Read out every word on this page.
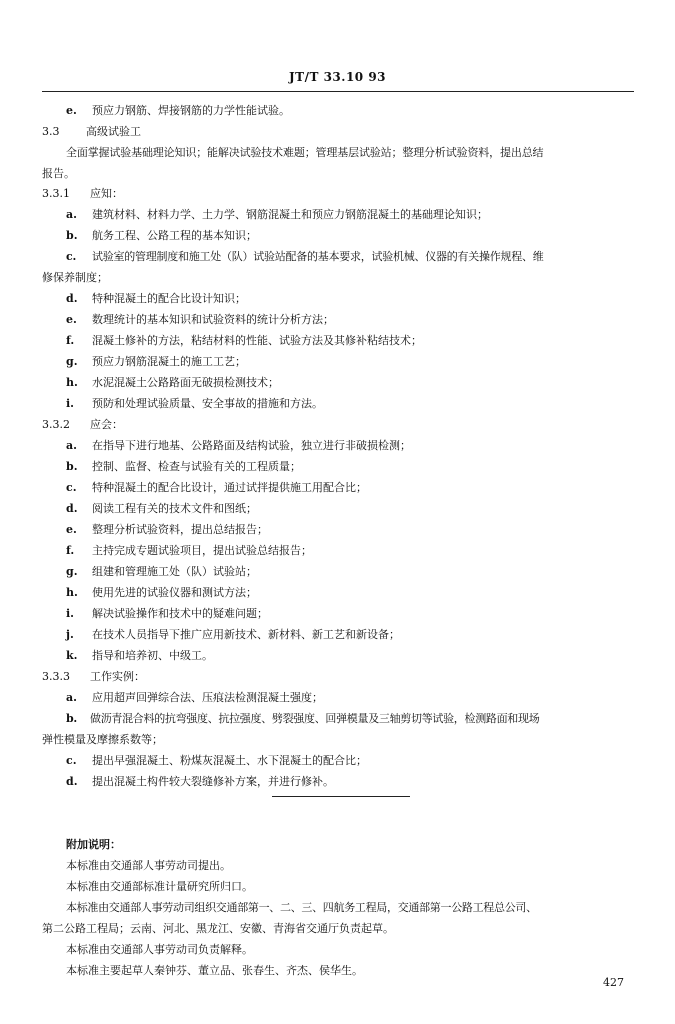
JT/T 33.10 93
e. 预应力钢筋、焊接钢筋的力学性能试验。
3.3 高级试验工
全面掌握试验基础理论知识；能解决试验技术难题；管理基层试验站；整理分析试验资料，提出总结
报告。
3.3.1 应知：
a. 建筑材料、材料力学、土力学、钢筋混凝土和预应力钢筋混凝土的基础理论知识；
b. 航务工程、公路工程的基本知识；
c. 试验室的管理制度和施工处（队）试验站配备的基本要求，试验机械、仪器的有关操作规程、维
修保养制度；
d. 特种混凝土的配合比设计知识；
e. 数理统计的基本知识和试验资料的统计分析方法；
f. 混凝土修补的方法，粘结材料的性能、试验方法及其修补粘结技术；
g. 预应力钢筋混凝土的施工工艺；
h. 水泥混凝土公路路面无破损检测技术；
i. 预防和处理试验质量、安全事故的措施和方法。
3.3.2 应会：
a. 在指导下进行地基、公路路面及结构试验，独立进行非破损检测；
b. 控制、监督、检查与试验有关的工程质量；
c. 特种混凝土的配合比设计，通过试拌提供施工用配合比；
d. 阅读工程有关的技术文件和图纸；
e. 整理分析试验资料，提出总结报告；
f. 主持完成专题试验项目，提出试验总结报告；
g. 组建和管理施工处（队）试验站；
h. 使用先进的试验仪器和测试方法；
i. 解决试验操作和技术中的疑难问题；
j. 在技术人员指导下推广应用新技术、新材料、新工艺和新设备；
k. 指导和培养初、中级工。
3.3.3 工作实例：
a. 应用超声回弹综合法、压痕法检测混凝土强度；
b. 做沥青混合料的抗弯强度、抗拉强度、劈裂强度、回弹模量及三轴剪切等试验，检测路面和现场
弹性模量及摩擦系数等；
c. 提出早强混凝土、粉煤灰混凝土、水下混凝土的配合比；
d. 提出混凝土构件较大裂缝修补方案，并进行修补。
附加说明：
本标准由交通部人事劳动司提出。
本标准由交通部标准计量研究所归口。
本标准由交通部人事劳动司组织交通部第一、二、三、四航务工程局，交通部第一公路工程总公司、
第二公路工程局；云南、河北、黑龙江、安徽、青海省交通厅负责起草。
本标准由交通部人事劳动司负责解释。
本标准主要起草人秦钟芬、董立品、张春生、齐杰、侯华生。
427
